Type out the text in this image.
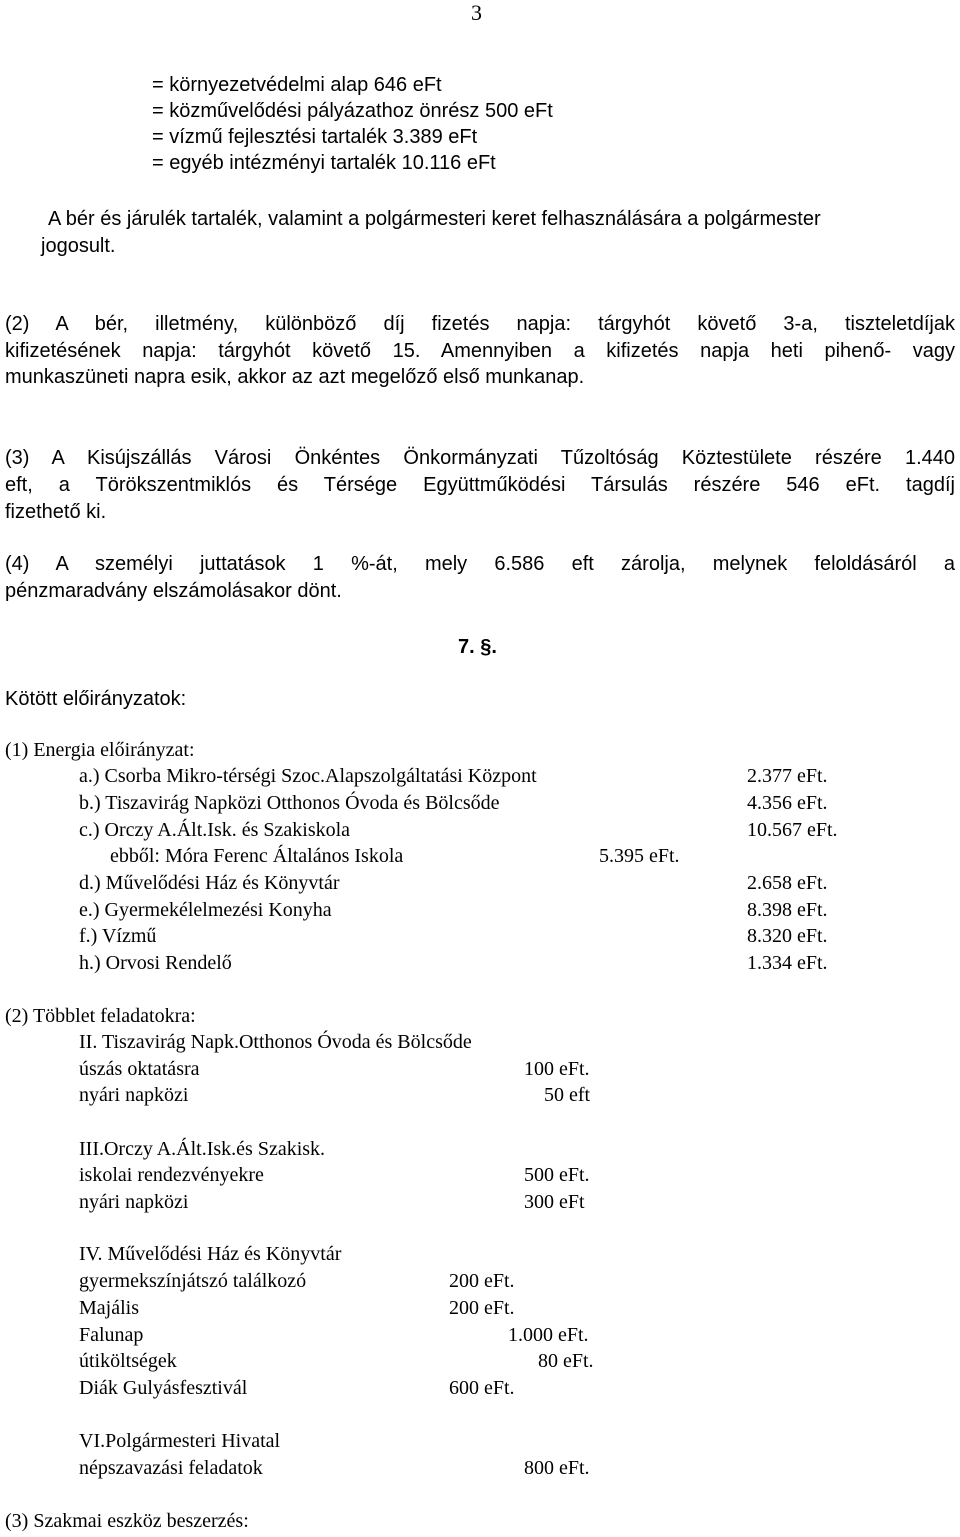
3
= környezetvédelmi alap 646 eFt
= közművelődési pályázathoz önrész 500 eFt
= vízmű fejlesztési tartalék 3.389 eFt
= egyéb intézményi tartalék 10.116 eFt
A bér és járulék tartalék, valamint a polgármesteri keret felhasználására a polgármester
jogosult.
(2) A bér, illetmény, különböző díj fizetés napja: tárgyhót követő 3-a, tiszteletdíjak
kifizetésének napja: tárgyhót követő 15. Amennyiben a kifizetés napja heti pihenő- vagy
munkaszüneti napra esik, akkor az azt megelőző első munkanap.
(3) A Kisújszállás Városi Önkéntes Önkormányzati Tűzoltóság Köztestülete részére 1.440
eft, a Törökszentmiklós és Térsége Együttműködési Társulás részére 546 eFt. tagdíj
fizethető ki.
(4) A személyi juttatások 1 %-át, mely 6.586 eft zárolja, melynek feloldásáról a
pénzmaradvány elszámolásakor dönt.
7. §.
Kötött előirányzatok:
(1) Energia előirányzat:
a.) Csorba Mikro-térségi Szoc.Alapszolgáltatási Központ	2.377 eFt.
b.) Tiszavirág Napközi Otthonos Óvoda és Bölcsőde	4.356 eFt.
c.) Orczy A.Ált.Isk. és Szakiskola	10.567 eFt.
ebből: Móra Ferenc Általános Iskola	5.395 eFt.
d.) Művelődési Ház és Könyvtár	2.658 eFt.
e.) Gyermekélelmezési Konyha	8.398 eFt.
f.) Vízmű	8.320 eFt.
h.) Orvosi Rendelő	1.334 eFt.
(2) Többlet feladatokra:
II. Tiszavirág Napk.Otthonos Óvoda és Bölcsőde
úszás oktatásra	100 eFt.
nyári napközi	50 eft
III.Orczy A.Ált.Isk.és Szakisk.
iskolai rendezvényekre	500 eFt.
nyári napközi	300 eFt
IV. Művelődési Ház és Könyvtár
gyermekszínjátszó találkozó	200 eFt.
Majális	200 eFt.
Falunap	1.000 eFt.
útiköltségek	80 eFt.
Diák Gulyásfesztivál	600 eFt.
VI.Polgármesteri Hivatal
népszavazási feladatok	800 eFt.
(3) Szakmai eszköz beszerzés:
